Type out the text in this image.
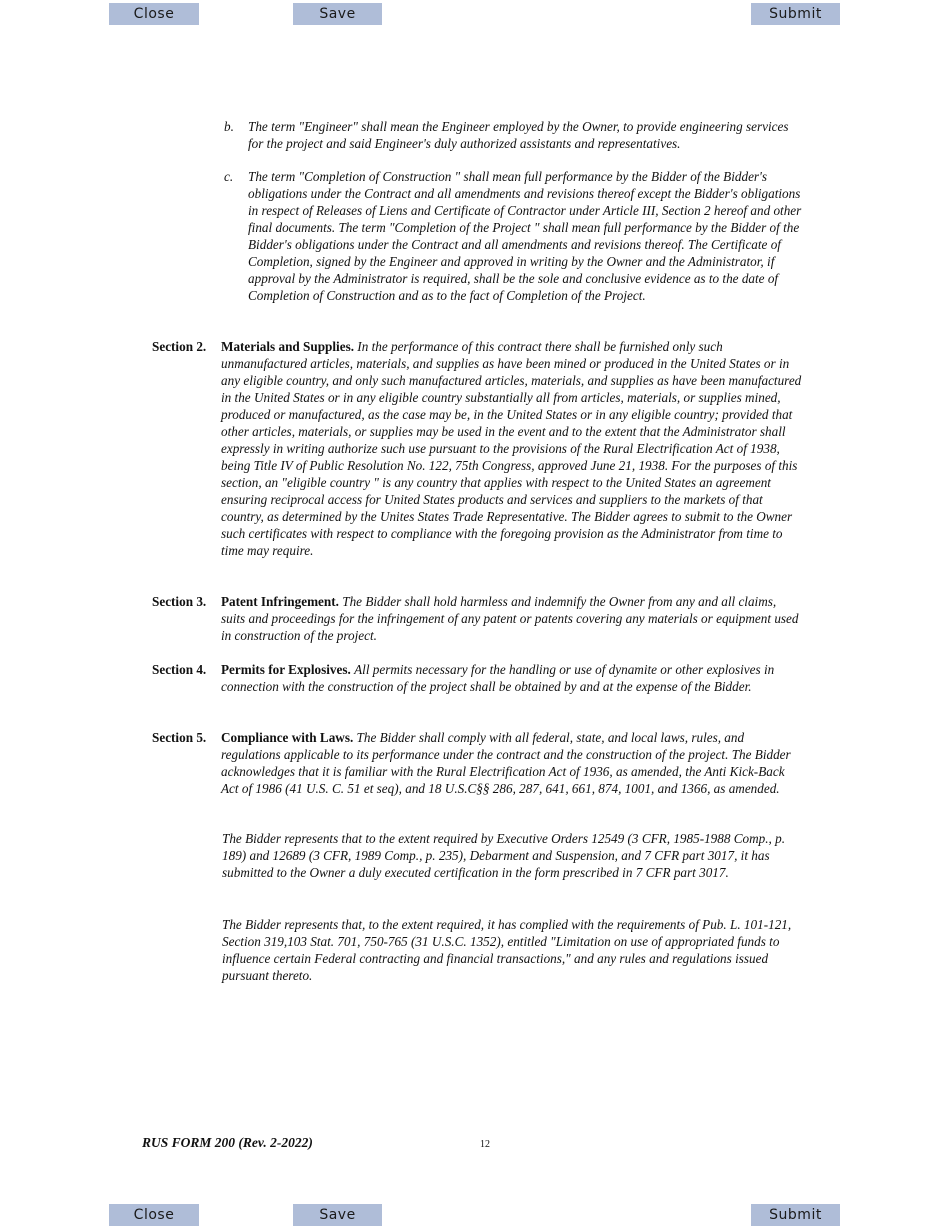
Close	Save	Submit
b. The term "Engineer" shall mean the Engineer employed by the Owner, to provide engineering services for the project and said Engineer's duly authorized assistants and representatives.
c. The term "Completion of Construction " shall mean full performance by the Bidder of the Bidder's obligations under the Contract and all amendments and revisions thereof except the Bidder's obligations in respect of Releases of Liens and Certificate of Contractor under Article III, Section 2 hereof and other final documents. The term "Completion of the Project " shall mean full performance by the Bidder of the Bidder's obligations under the Contract and all amendments and revisions thereof. The Certificate of Completion, signed by the Engineer and approved in writing by the Owner and the Administrator, if approval by the Administrator is required, shall be the sole and conclusive evidence as to the date of Completion of Construction and as to the fact of Completion of the Project.
Section 2. Materials and Supplies. In the performance of this contract there shall be furnished only such unmanufactured articles, materials, and supplies as have been mined or produced in the United States or in any eligible country, and only such manufactured articles, materials, and supplies as have been manufactured in the United States or in any eligible country substantially all from articles, materials, or supplies mined, produced or manufactured, as the case may be, in the United States or in any eligible country; provided that other articles, materials, or supplies may be used in the event and to the extent that the Administrator shall expressly in writing authorize such use pursuant to the provisions of the Rural Electrification Act of 1938, being Title IV of Public Resolution No. 122, 75th Congress, approved June 21, 1938. For the purposes of this section, an "eligible country " is any country that applies with respect to the United States an agreement ensuring reciprocal access for United States products and services and suppliers to the markets of that country, as determined by the Unites States Trade Representative. The Bidder agrees to submit to the Owner such certificates with respect to compliance with the foregoing provision as the Administrator from time to time may require.
Section 3. Patent Infringement. The Bidder shall hold harmless and indemnify the Owner from any and all claims, suits and proceedings for the infringement of any patent or patents covering any materials or equipment used in construction of the project.
Section 4. Permits for Explosives. All permits necessary for the handling or use of dynamite or other explosives in connection with the construction of the project shall be obtained by and at the expense of the Bidder.
Section 5. Compliance with Laws. The Bidder shall comply with all federal, state, and local laws, rules, and regulations applicable to its performance under the contract and the construction of the project. The Bidder acknowledges that it is familiar with the Rural Electrification Act of 1936, as amended, the Anti Kick-Back Act of 1986 (41 U.S. C. 51 et seq), and 18 U.S.C§§ 286, 287, 641, 661, 874, 1001, and 1366, as amended.
The Bidder represents that to the extent required by Executive Orders 12549 (3 CFR, 1985-1988 Comp., p. 189) and 12689 (3 CFR, 1989 Comp., p. 235), Debarment and Suspension, and 7 CFR part 3017, it has submitted to the Owner a duly executed certification in the form prescribed in 7 CFR part 3017.
The Bidder represents that, to the extent required, it has complied with the requirements of Pub. L. 101-121, Section 319,103 Stat. 701, 750-765 (31 U.S.C. 1352), entitled "Limitation on use of appropriated funds to influence certain Federal contracting and financial transactions," and any rules and regulations issued pursuant thereto.
RUS FORM 200 (Rev. 2-2022)	12
Close	Save	Submit
